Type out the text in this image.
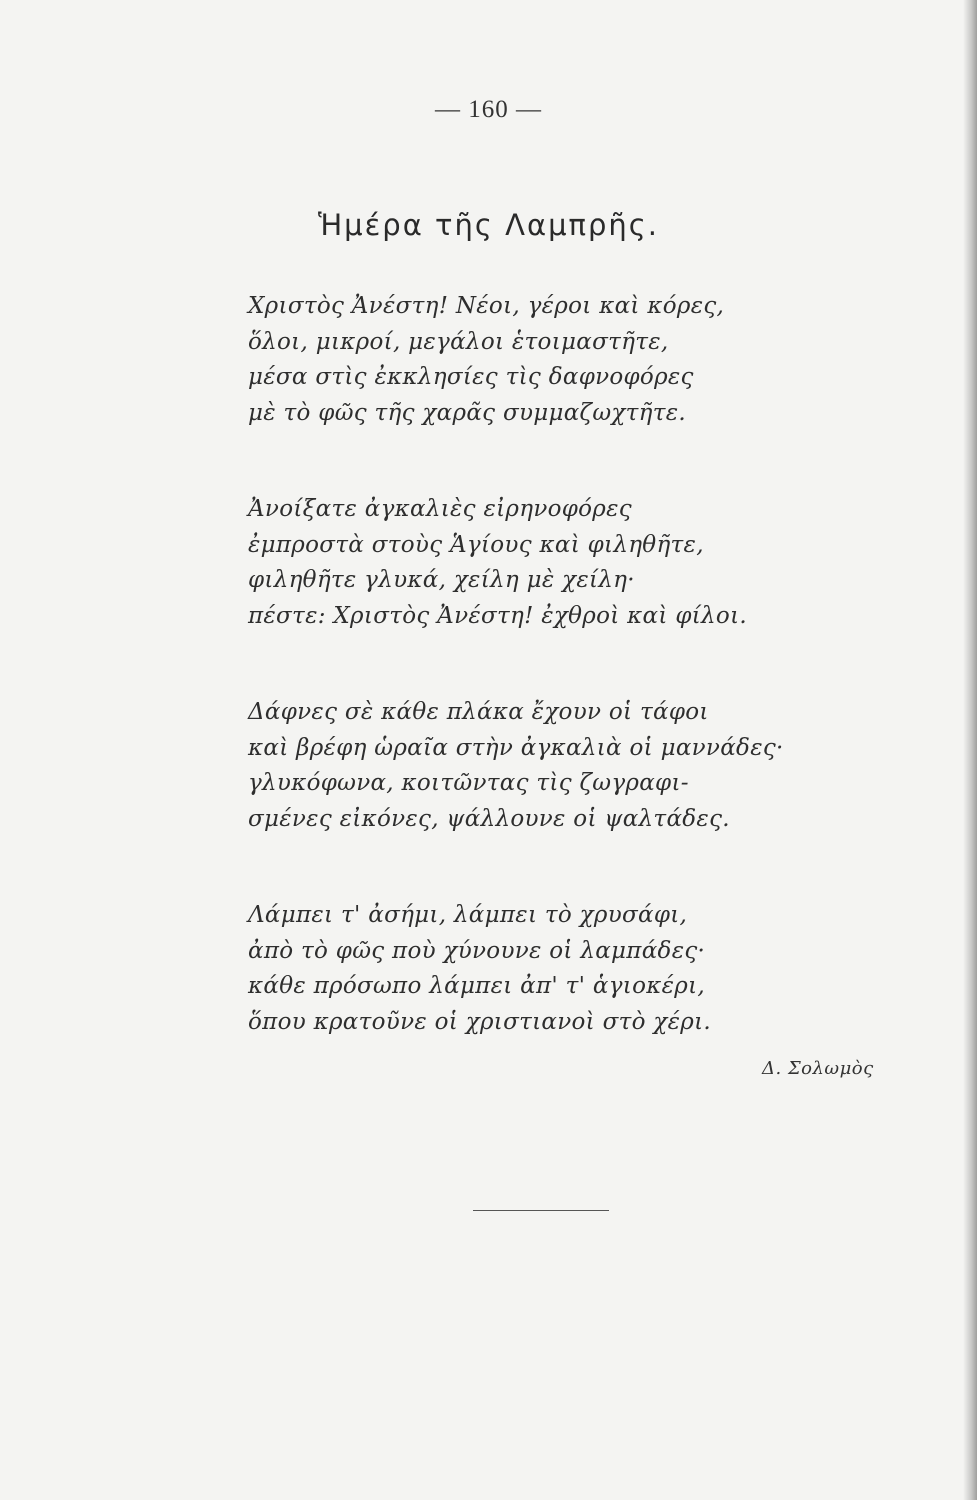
— 160 —
Ἡμέρα τῆς Λαμπρῆς.
Χριστὸς Ἀνέστη! Νέοι, γέροι καὶ κόρες,
ὅλοι, μικροί, μεγάλοι ἑτοιμαστῆτε,
μέσα στὶς ἐκκλησίες τὶς δαφνοφόρες
μὲ τὸ φῶς τῆς χαρᾶς συμμαζωχτῆτε.
Ἀνοίξατε ἀγκαλιὲς εἰρηνοφόρες
ἐμπροστὰ στοὺς Ἁγίους καὶ φιληθῆτε,
φιληθῆτε γλυκά, χείλη μὲ χείλη·
πέστε: Χριστὸς Ἀνέστη! ἐχθροὶ καὶ φίλοι.
Δάφνες σὲ κάθε πλάκα ἔχουν οἱ τάφοι
καὶ βρέφη ὡραῖα στὴν ἀγκαλιὰ οἱ μαννάδες·
γλυκόφωνα, κοιτῶντας τὶς ζωγραφι-
σμένες εἰκόνες, ψάλλουνε οἱ ψαλτάδες.
Λάμπει τ' ἀσήμι, λάμπει τὸ χρυσάφι,
ἀπὸ τὸ φῶς ποὺ χύνουνε οἱ λαμπάδες·
κάθε πρόσωπο λάμπει ἀπ' τ' ἁγιοκέρι,
ὅπου κρατοῦνε οἱ χριστιανοὶ στὸ χέρι.
Δ. Σολωμὸς
